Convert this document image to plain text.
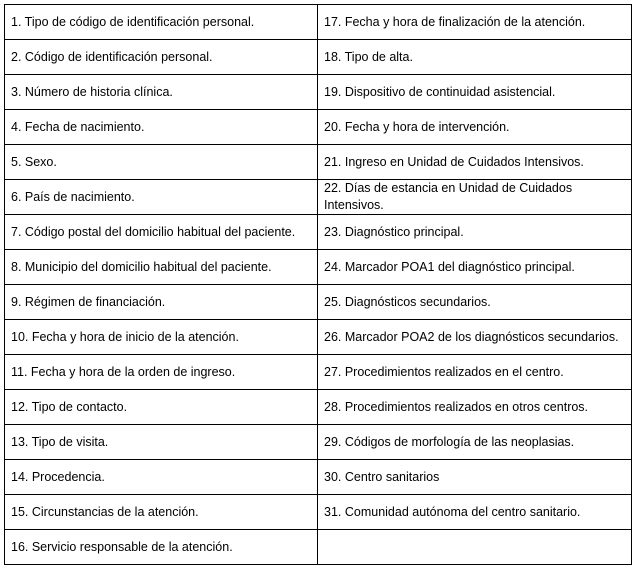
1. Tipo de código de identificación personal.	17. Fecha y hora de finalización de la atención.
2. Código de identificación personal.	18. Tipo de alta.
3. Número de historia clínica.	19. Dispositivo de continuidad asistencial.
4. Fecha de nacimiento.	20. Fecha y hora de intervención.
5. Sexo.	21. Ingreso en Unidad de Cuidados Intensivos.
6. País de nacimiento.	22. Días de estancia en Unidad de Cuidados Intensivos.
7. Código postal del domicilio habitual del paciente.	23. Diagnóstico principal.
8. Municipio del domicilio habitual del paciente.	24. Marcador POA1 del diagnóstico principal.
9. Régimen de financiación.	25. Diagnósticos secundarios.
10. Fecha y hora de inicio de la atención.	26. Marcador POA2 de los diagnósticos secundarios.
11. Fecha y hora de la orden de ingreso.	27. Procedimientos realizados en el centro.
12. Tipo de contacto.	28. Procedimientos realizados en otros centros.
13. Tipo de visita.	29. Códigos de morfología de las neoplasias.
14. Procedencia.	30. Centro sanitarios
15. Circunstancias de la atención.	31. Comunidad autónoma del centro sanitario.
16. Servicio responsable de la atención.	
